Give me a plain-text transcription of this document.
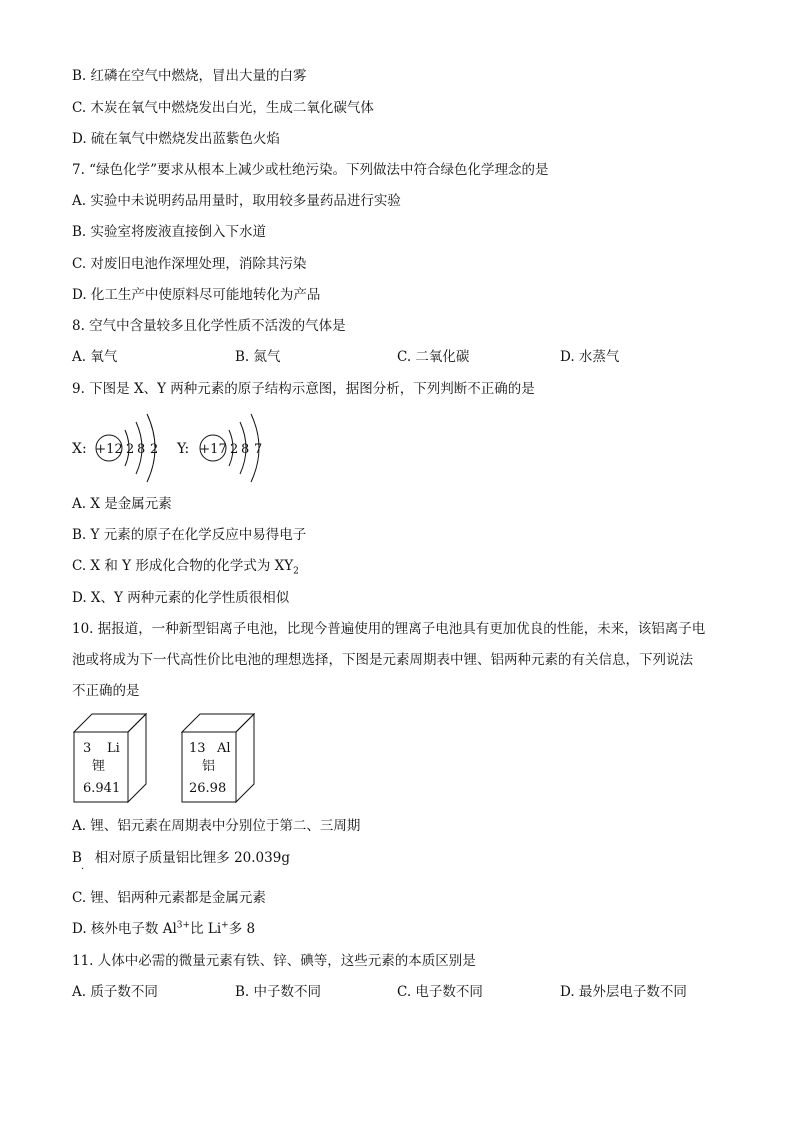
B. 红磷在空气中燃烧，冒出大量的白雾
C. 木炭在氧气中燃烧发出白光，生成二氧化碳气体
D. 硫在氧气中燃烧发出蓝紫色火焰
7. “绿色化学”要求从根本上减少或杜绝污染。下列做法中符合绿色化学理念的是
A. 实验中未说明药品用量时，取用较多量药品进行实验
B. 实验室将废液直接倒入下水道
C. 对废旧电池作深埋处理，消除其污染
D. 化工生产中使原料尽可能地转化为产品
8. 空气中含量较多且化学性质不活泼的气体是
A. 氧气	B. 氮气	C. 二氧化碳	D. 水蒸气
9. 下图是 X、Y 两种元素的原子结构示意图，据图分析，下列判断不正确的是
X: +12 2 8 2 Y: +17 2 8 7
A. X 是金属元素
B. Y 元素的原子在化学反应中易得电子
C. X 和 Y 形成化合物的化学式为 $XY_2$
D. X、Y 两种元素的化学性质很相似
10. 据报道，一种新型铝离子电池，比现今普遍使用的锂离子电池具有更加优良的性能，未来，该铝离子电
池或将成为下一代高性价比电池的理想选择，下图是元素周期表中锂、铝两种元素的有关信息，下列说法
不正确的是
3 Li
锂
6.941
13 Al
铝
26.98
A. 锂、铝元素在周期表中分别位于第二、三周期
B 相对原子质量铝比锂多 20.039g
·
C. 锂、铝两种元素都是金属元素
D. 核外电子数 $Al^{3+}$比 Li+多 8
11. 人体中必需的微量元素有铁、锌、碘等，这些元素的本质区别是
A. 质子数不同	B. 中子数不同	C. 电子数不同	D. 最外层电子数不同
